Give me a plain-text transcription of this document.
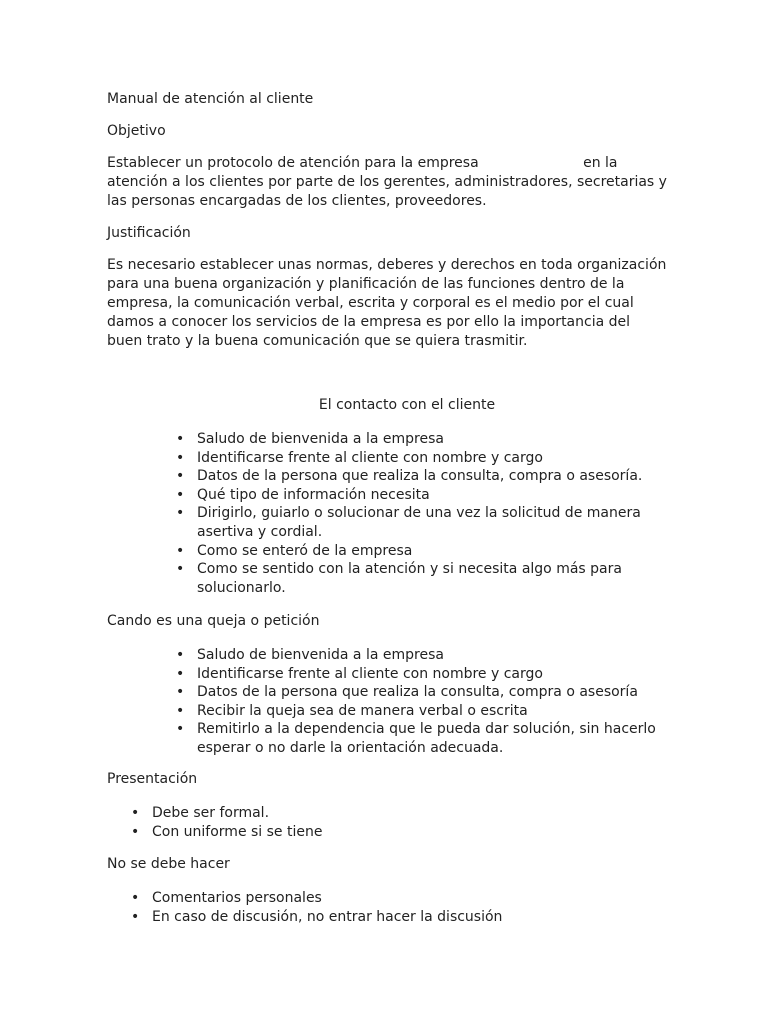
Manual de atención al cliente

Objetivo

Establecer un protocolo de atención para la empresa	en la atención a los clientes por parte de los gerentes, administradores, secretarias y las personas encargadas de los clientes, proveedores.

Justificación

Es necesario establecer unas normas, deberes y derechos en toda organización para una buena organización y planificación de las funciones dentro de la empresa, la comunicación verbal, escrita y corporal es el medio por el cual damos a conocer los servicios de la empresa es por ello la importancia del buen trato y la buena comunicación que se quiera trasmitir.

El contacto con el cliente
• Saludo de bienvenida a la empresa
• Identificarse frente al cliente con nombre y cargo
• Datos de la persona que realiza la consulta, compra o asesoría.
• Qué tipo de información necesita
• Dirigirlo, guiarlo o solucionar de una vez la solicitud de manera asertiva y cordial.
• Como se enteró de la empresa
• Como se sentido con la atención y si necesita algo más para solucionarlo.

Cando es una queja o petición

• Saludo de bienvenida a la empresa
• Identificarse frente al cliente con nombre y cargo
• Datos de la persona que realiza la consulta, compra o asesoría
• Recibir la queja sea de manera verbal o escrita
• Remitirlo a la dependencia que le pueda dar solución, sin hacerlo esperar o no darle la orientación adecuada.

Presentación

• Debe ser formal.
• Con uniforme si se tiene

No se debe hacer

• Comentarios personales
• En caso de discusión, no entrar hacer la discusión
